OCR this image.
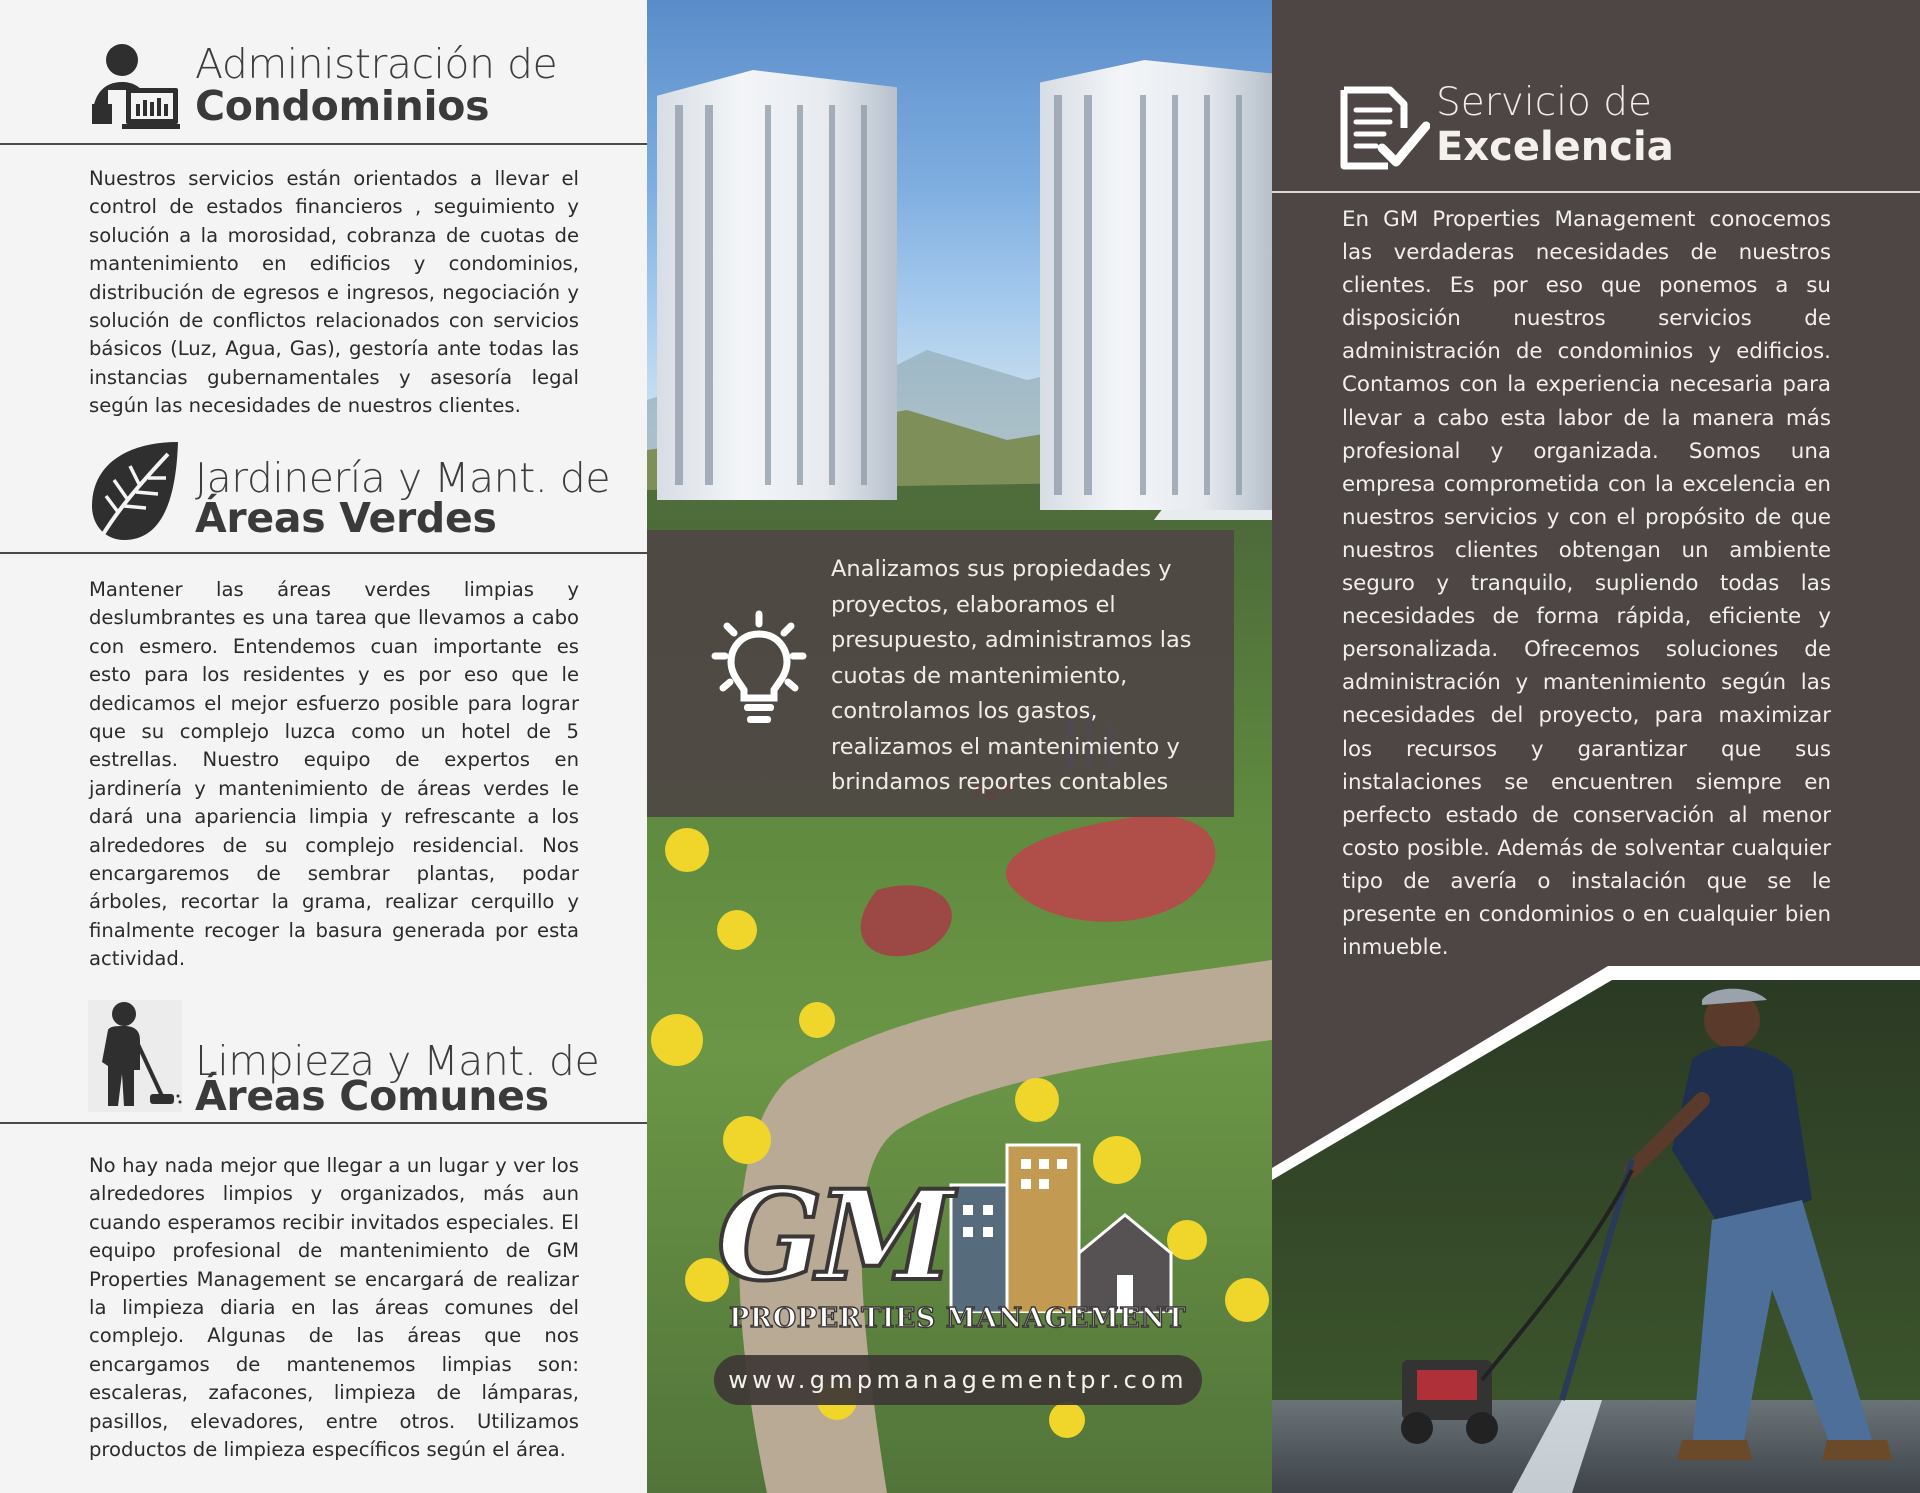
Administración de
Condominios
Nuestros servicios están orientados a llevar el control de estados financieros , seguimiento y solución a la morosidad, cobranza de cuotas de mantenimiento en edificios y condominios, distribución de egresos e ingresos, negociación y solución de conflictos relacionados con servicios básicos (Luz, Agua, Gas), gestoría ante todas las instancias gubernamentales y asesoría legal según las necesidades de nuestros clientes.
Jardinería y Mant. de
Áreas Verdes
Mantener las áreas verdes limpias y deslumbrantes es una tarea que llevamos a cabo con esmero. Entendemos cuan importante es esto para los residentes y es por eso que le dedicamos el mejor esfuerzo posible para lograr que su complejo luzca como un hotel de 5 estrellas. Nuestro equipo de expertos en jardinería y mantenimiento de áreas verdes le dará una apariencia limpia y refrescante a los alrededores de su complejo residencial. Nos encargaremos de sembrar plantas, podar árboles, recortar la grama, realizar cerquillo y finalmente recoger la basura generada por esta actividad.
Limpieza y Mant. de
Áreas Comunes
No hay nada mejor que llegar a un lugar y ver los alrededores limpios y organizados, más aun cuando esperamos recibir invitados especiales. El equipo profesional de mantenimiento de GM Properties Management se encargará de realizar la limpieza diaria en las áreas comunes del complejo. Algunas de las áreas que nos encargamos de mantenemos limpias son: escaleras, zafacones, limpieza de lámparas, pasillos, elevadores, entre otros. Utilizamos productos de limpieza específicos según el área.
Analizamos sus propiedades y proyectos, elaboramos el presupuesto, administramos las cuotas de mantenimiento, controlamos los gastos, realizamos el mantenimiento y brindamos reportes contables
GM
PROPERTIES MANAGEMENT
www.gmpmanagementpr.com
Servicio de
Excelencia
En GM Properties Management conocemos las verdaderas necesidades de nuestros clientes. Es por eso que ponemos a su disposición nuestros servicios de administración de condominios y edificios. Contamos con la experiencia necesaria para llevar a cabo esta labor de la manera más profesional y organizada. Somos una empresa comprometida con la excelencia en nuestros servicios y con el propósito de que nuestros clientes obtengan un ambiente seguro y tranquilo, supliendo todas las necesidades de forma rápida, eficiente y personalizada. Ofrecemos soluciones de administración y mantenimiento según las necesidades del proyecto, para maximizar los recursos y garantizar que sus instalaciones se encuentren siempre en perfecto estado de conservación al menor costo posible. Además de solventar cualquier tipo de avería o instalación que se le presente en condominios o en cualquier bien inmueble.
